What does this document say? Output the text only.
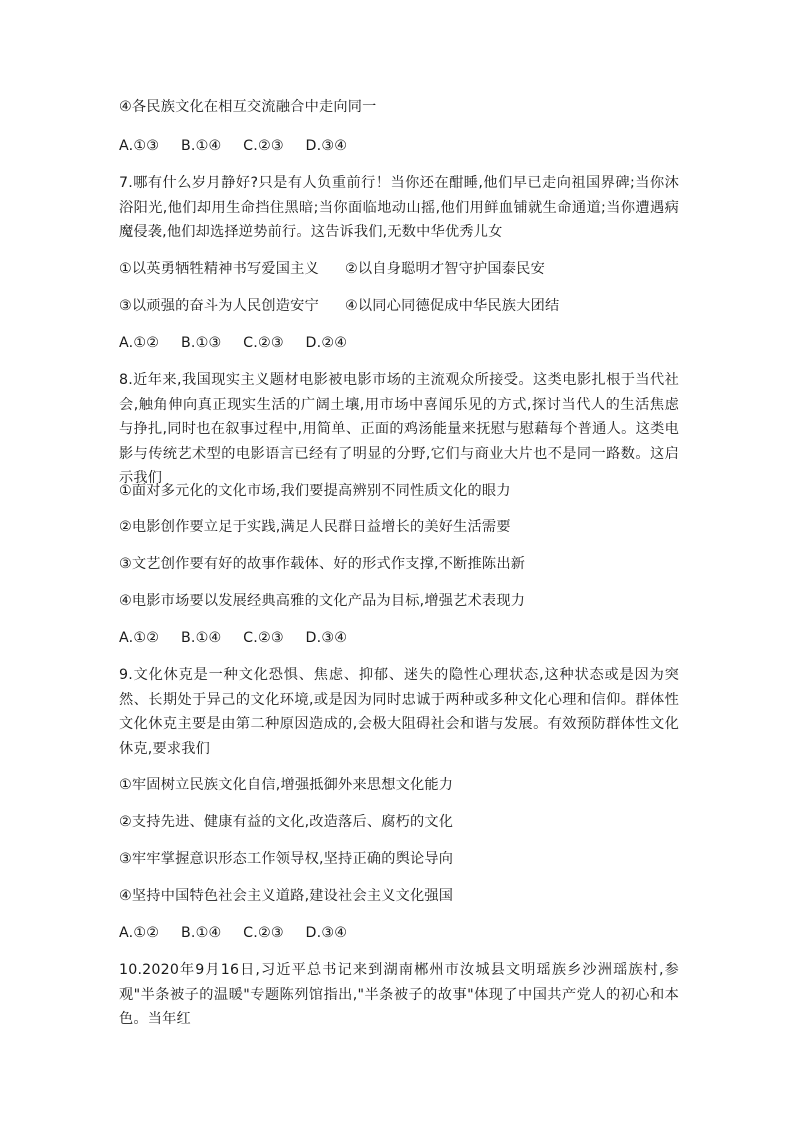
④各民族文化在相互交流融合中走向同一
A.①③ B.①④ C.②③ D.③④
7.哪有什么岁月静好?只是有人负重前行！当你还在酣睡,他们早已走向祖国界碑;当你沐浴阳光,他们却用生命挡住黑暗;当你面临地动山摇,他们用鲜血铺就生命通道;当你遭遇病魔侵袭,他们却选择逆势前行。这告诉我们,无数中华优秀儿女
①以英勇牺牲精神书写爱国主义 ②以自身聪明才智守护国泰民安
③以顽强的奋斗为人民创造安宁 ④以同心同德促成中华民族大团结
A.①② B.①③ C.②③ D.②④
8.近年来,我国现实主义题材电影被电影市场的主流观众所接受。这类电影扎根于当代社会,触角伸向真正现实生活的广阔土壤,用市场中喜闻乐见的方式,探讨当代人的生活焦虑与挣扎,同时也在叙事过程中,用简单、正面的鸡汤能量来抚慰与慰藉每个普通人。这类电影与传统艺术型的电影语言已经有了明显的分野,它们与商业大片也不是同一路数。这启示我们
①面对多元化的文化市场,我们要提高辨别不同性质文化的眼力
②电影创作要立足于实践,满足人民群日益增长的美好生活需要
③文艺创作要有好的故事作载体、好的形式作支撑,不断推陈出新
④电影市场要以发展经典高雅的文化产品为目标,增强艺术表现力
A.①② B.①④ C.②③ D.③④
9.文化休克是一种文化恐惧、焦虑、抑郁、迷失的隐性心理状态,这种状态或是因为突然、长期处于异己的文化环境,或是因为同时忠诚于两种或多种文化心理和信仰。群体性文化休克主要是由第二种原因造成的,会极大阻碍社会和谐与发展。有效预防群体性文化休克,要求我们
①牢固树立民族文化自信,增强抵御外来思想文化能力
②支持先进、健康有益的文化,改造落后、腐朽的文化
③牢牢掌握意识形态工作领导权,坚持正确的舆论导向
④坚持中国特色社会主义道路,建设社会主义文化强国
A.①② B.①④ C.②③ D.③④
10.2020年9月16日,习近平总书记来到湖南郴州市汝城县文明瑶族乡沙洲瑶族村,参观"半条被子的温暖"专题陈列馆指出,"半条被子的故事"体现了中国共产党人的初心和本色。当年红
